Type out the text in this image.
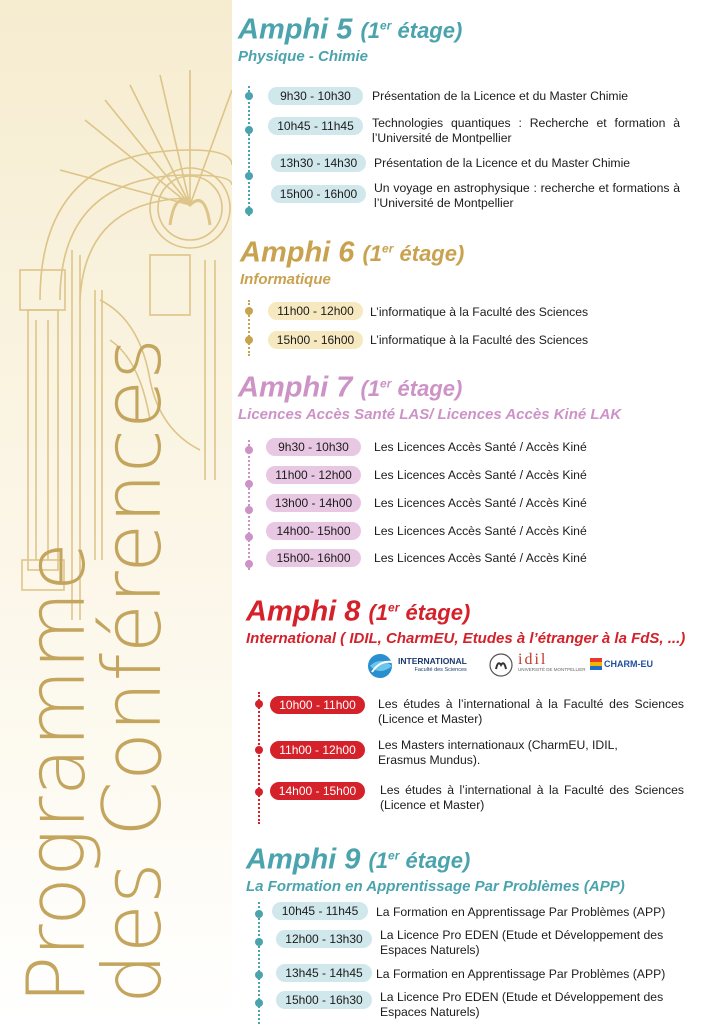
Programme
des Conférences
Amphi 5 (1er étage)
Physique - Chimie
9h30 - 10h30	Présentation de la Licence et du Master Chimie
10h45 - 11h45	Technologies quantiques : Recherche et formation à l’Université de Montpellier
13h30 - 14h30	Présentation de la Licence et du Master Chimie
15h00 - 16h00	Un voyage en astrophysique : recherche et formations à l’Université de Montpellier
Amphi 6 (1er étage)
Informatique
11h00 - 12h00	L’informatique à la Faculté des Sciences
15h00 - 16h00	L’informatique à la Faculté des Sciences
Amphi 7 (1er étage)
Licences Accès Santé LAS/ Licences Accès Kiné LAK
9h30 - 10h30	Les Licences Accès Santé / Accès Kiné
11h00 - 12h00	Les Licences Accès Santé / Accès Kiné
13h00 - 14h00	Les Licences Accès Santé / Accès Kiné
14h00- 15h00	Les Licences Accès Santé / Accès Kiné
15h00- 16h00	Les Licences Accès Santé / Accès Kiné
Amphi 8 (1er étage)
International ( IDIL, CharmEU, Etudes à l’étranger à la FdS, ...)
INTERNATIONAL
Faculté des Sciences
idil
UNIVERSITÉ DE MONTPELLIER
CHARM-EU
10h00 - 11h00	Les études à l’international à la Faculté des Sciences (Licence et Master)
11h00 - 12h00	Les Masters internationaux (CharmEU, IDIL, Erasmus Mundus).
14h00 - 15h00	Les études à l’international à la Faculté des Sciences (Licence et Master)
Amphi 9 (1er étage)
La Formation en Apprentissage Par Problèmes (APP)
10h45 - 11h45	La Formation en Apprentissage Par Problèmes (APP)
12h00 - 13h30	La Licence Pro EDEN (Etude et Développement des Espaces Naturels)
13h45 - 14h45	La Formation en Apprentissage Par Problèmes (APP)
15h00 - 16h30	La Licence Pro EDEN (Etude et Développement des Espaces Naturels)
